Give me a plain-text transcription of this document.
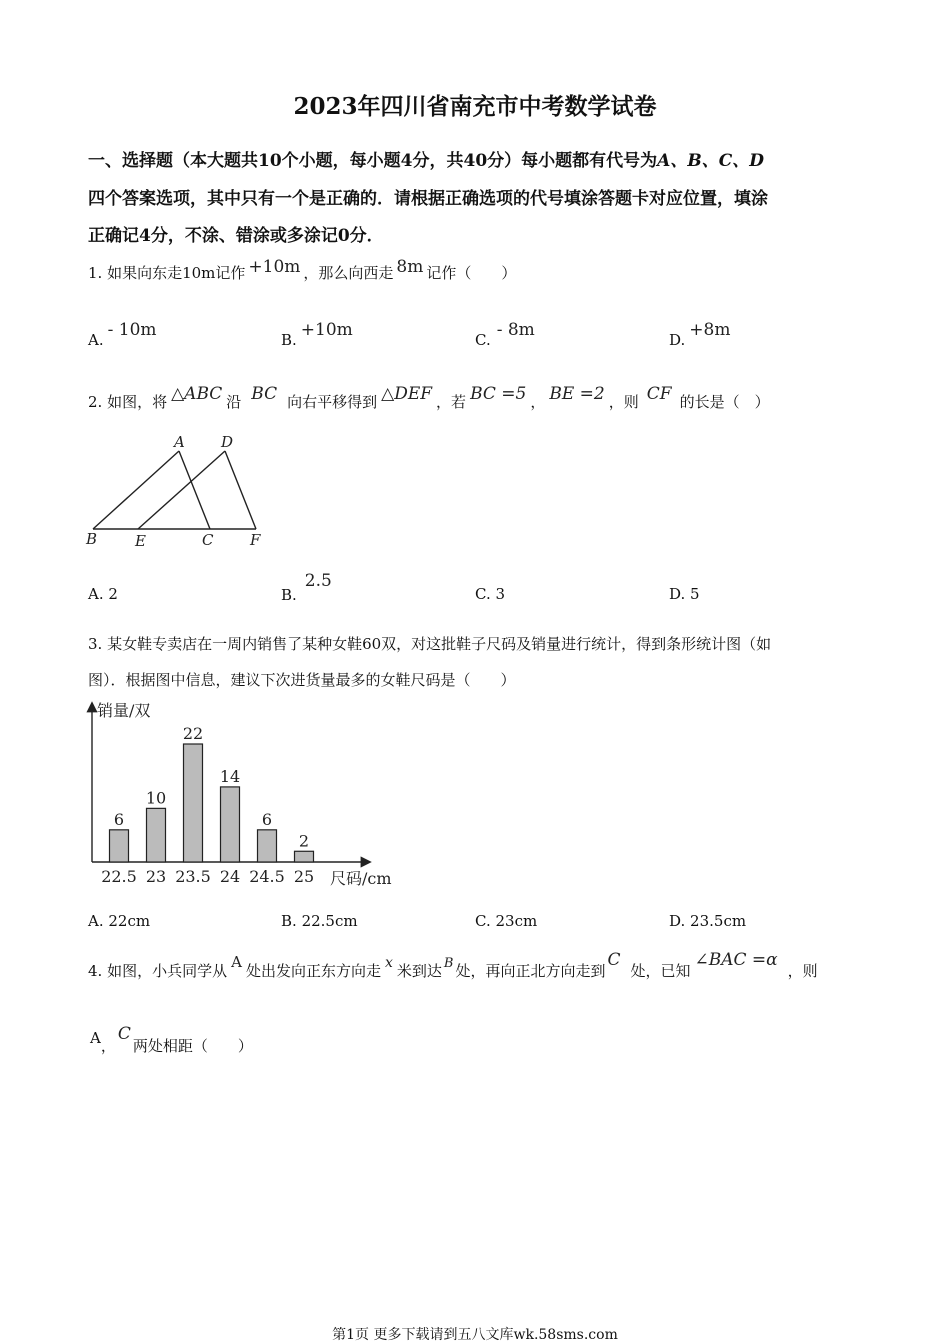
2023年四川省南充市中考数学试卷
一、选择题（本大题共10个小题，每小题4分，共40分）每小题都有代号为A、B、C、D
四个答案选项，其中只有一个是正确的．请根据正确选项的代号填涂答题卡对应位置，填涂
正确记4分，不涂、错涂或多涂记0分．
1. 如果向东走10m记作 +10m ，那么向西走 8m 记作（　　）
A. - 10m	B. +10m	C. - 8m	D. +8m
2. 如图，将 △ABC 沿 BC 向右平移得到 △DEF ，若 BC =5 ， BE =2 ，则 CF 的长是（　）
A D
B	E	C F
A. 2	B.2.5
C. 3	D. 5
3. 某女鞋专卖店在一周内销售了某种女鞋60双，对这批鞋子尺码及销量进行统计，得到条形统计图（如
图）．根据图中信息，建议下次进货量最多的女鞋尺码是（　　）
销量/双
尺码/cm
6
22.5
10
23
22
23.5
14
24
6
24.5
2
25
A. 22cm	B. 22.5cm	C. 23cm	D. 23.5cm
4. 如图，小兵同学从 A 处出发向正东方向走 x 米到达 B 处，再向正北方向走到C处，已知∠BAC =α，则
A，C两处相距（　　）
第1页 更多下载请到五八文库wk.58sms.com
